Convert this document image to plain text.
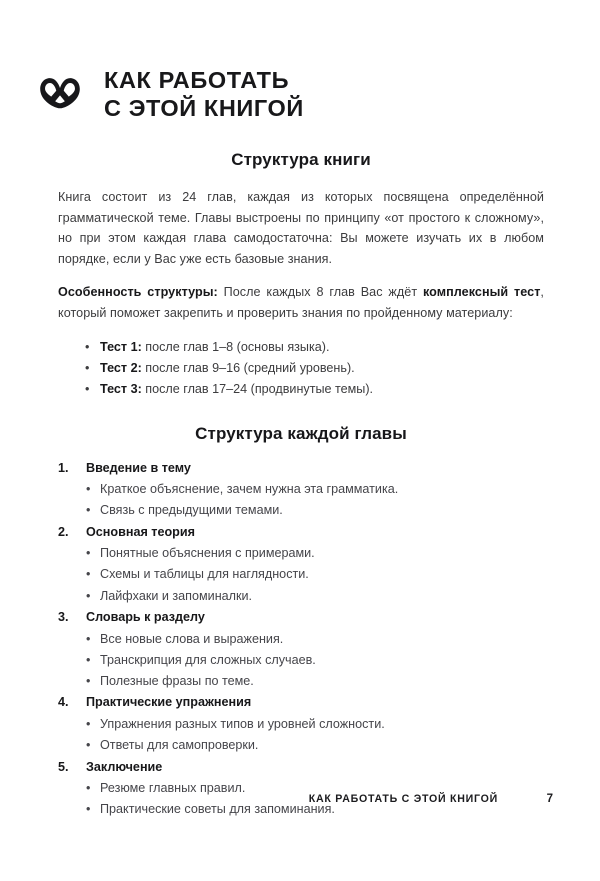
КАК РАБОТАТЬ
С ЭТОЙ КНИГОЙ
Структура книги

Книга состоит из 24 глав, каждая из которых посвящена определённой грамматической теме. Главы выстроены по принципу «от простого к сложному», но при этом каждая глава самодостаточна: Вы можете изучать их в любом порядке, если у Вас уже есть базовые знания.

Особенность структуры: После каждых 8 глав Вас ждёт комплексный тест, который поможет закрепить и проверить знания по пройденному материалу:

• Тест 1: после глав 1–8 (основы языка).
• Тест 2: после глав 9–16 (средний уровень).
• Тест 3: после глав 17–24 (продвинутые темы).
Структура каждой главы
1.	Введение в тему
• Краткое объяснение, зачем нужна эта грамматика.
• Связь с предыдущими темами.
2.	Основная теория
• Понятные объяснения с примерами.
• Схемы и таблицы для наглядности.
• Лайфхаки и запоминалки.
3.	Словарь к разделу
• Все новые слова и выражения.
• Транскрипция для сложных случаев.
• Полезные фразы по теме.
4.	Практические упражнения
• Упражнения разных типов и уровней сложности.
• Ответы для самопроверки.
5.	Заключение
• Резюме главных правил.
• Практические советы для запоминания.
КАК РАБОТАТЬ С ЭТОЙ КНИГОЙ	7
